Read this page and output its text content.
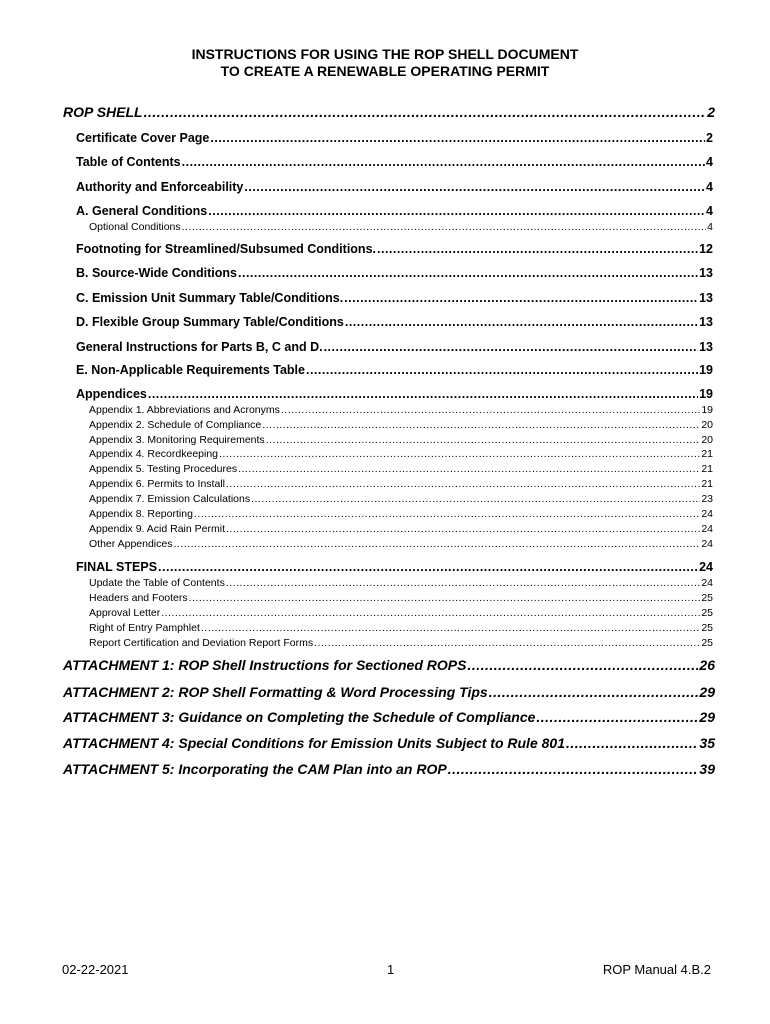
INSTRUCTIONS FOR USING THE ROP SHELL DOCUMENT
TO CREATE A RENEWABLE OPERATING PERMIT
ROP SHELL .....	2
Certificate Cover Page .....	2
Table of Contents .....	4
Authority and Enforceability .....	4
A. General Conditions .....	4
Optional Conditions .....	4
Footnoting for Streamlined/Subsumed Conditions. .....	12
B. Source-Wide Conditions .....	13
C. Emission Unit Summary Table/Conditions. .....	13
D. Flexible Group Summary Table/Conditions .....	13
General Instructions for Parts B, C and D. .....	13
E. Non-Applicable Requirements Table .....	19
Appendices .....	19
Appendix 1. Abbreviations and Acronyms .....	19
Appendix 2. Schedule of Compliance .....	20
Appendix 3. Monitoring Requirements .....	20
Appendix 4. Recordkeeping .....	21
Appendix 5. Testing Procedures .....	21
Appendix 6. Permits to Install .....	21
Appendix 7. Emission Calculations .....	23
Appendix 8. Reporting .....	24
Appendix 9. Acid Rain Permit .....	24
Other Appendices .....	24
FINAL STEPS .....	24
Update the Table of Contents .....	24
Headers and Footers .....	25
Approval Letter .....	25
Right of Entry Pamphlet .....	25
Report Certification and Deviation Report Forms .....	25
ATTACHMENT 1: ROP Shell Instructions for Sectioned ROPS .....	26
ATTACHMENT 2: ROP Shell Formatting & Word Processing Tips .....	29
ATTACHMENT 3: Guidance on Completing the Schedule of Compliance .....	29
ATTACHMENT 4: Special Conditions for Emission Units Subject to Rule 801 .....	35
ATTACHMENT 5: Incorporating the CAM Plan into an ROP .....	39
02-22-2021	1	ROP Manual 4.B.2
